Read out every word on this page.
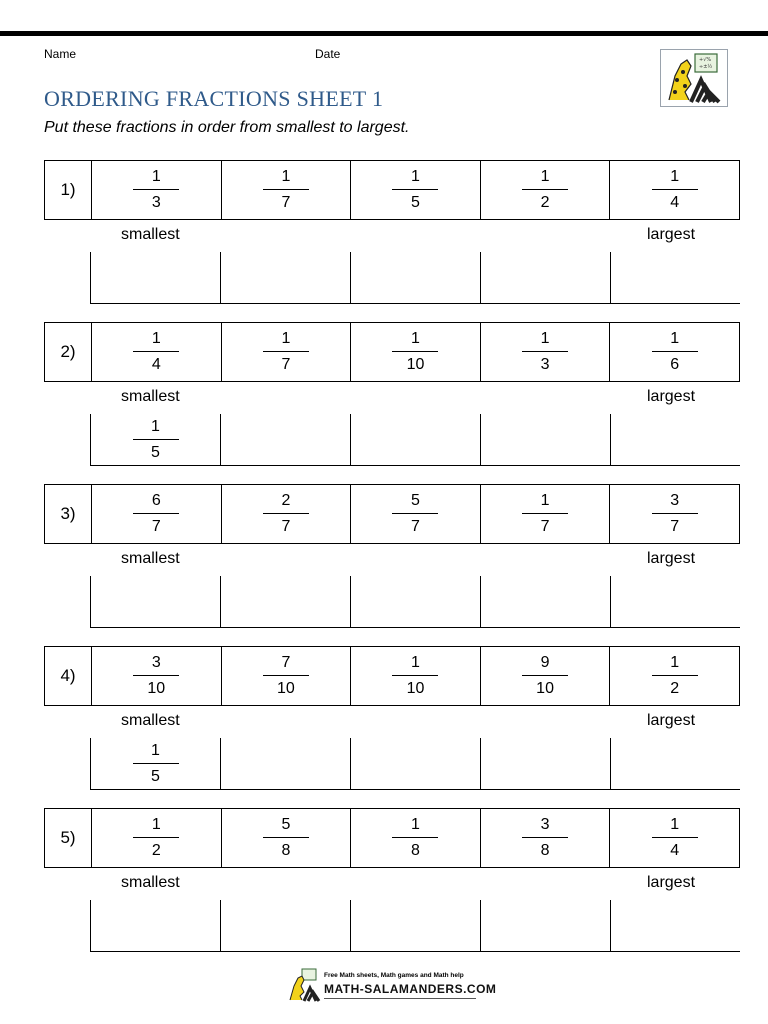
Name	Date	+√%
÷±½
ORDERING FRACTIONS SHEET 1

Put these fractions in order from smallest to largest.

1)	$\frac{1}{3}$	$\frac{1}{7}$	$\frac{1}{5}$	$\frac{1}{2}$	$\frac{1}{4}$
smallest	largest
2)	$\frac{1}{4}$	$\frac{1}{7}$	$\frac{1}{10}$	$\frac{1}{3}$	$\frac{1}{6}$
smallest	largest
$\frac{1}{5}$
3)	$\frac{6}{7}$	$\frac{2}{7}$	$\frac{5}{7}$	$\frac{1}{7}$	$\frac{3}{7}$
smallest	largest
4)	$\frac{3}{10}$	$\frac{7}{10}$	$\frac{1}{10}$	$\frac{9}{10}$	$\frac{1}{2}$
smallest	largest
$\frac{1}{5}$
5)	$\frac{1}{2}$	$\frac{5}{8}$	$\frac{1}{8}$	$\frac{3}{8}$	$\frac{1}{4}$
smallest	largest
Free Math sheets, Math games and Math help
MATH-SALAMANDERS.COM
